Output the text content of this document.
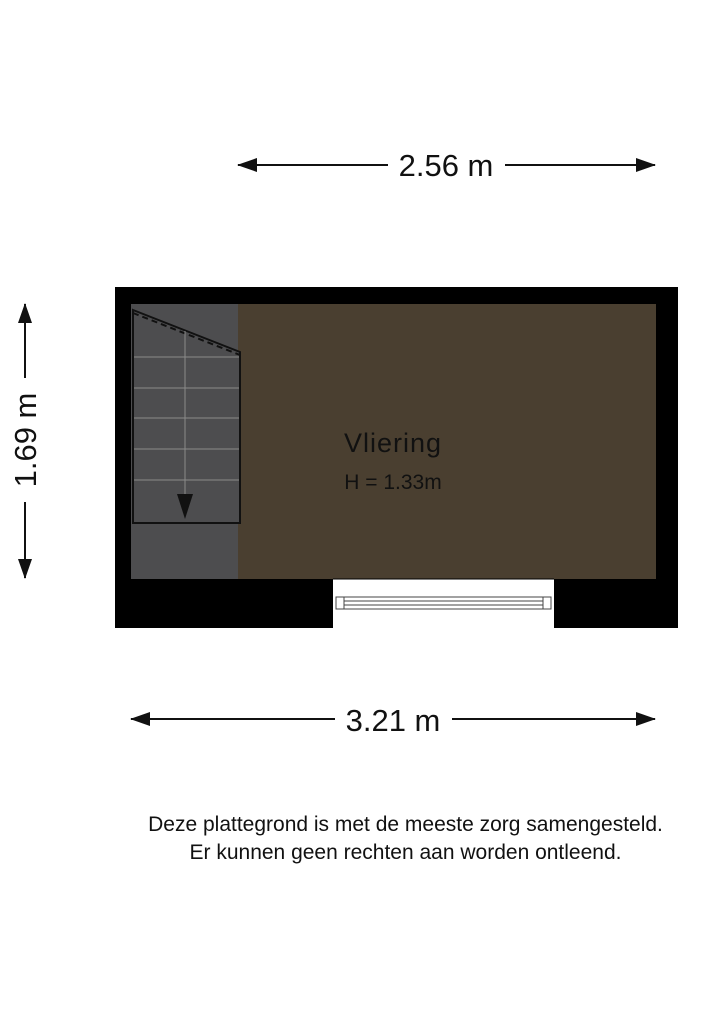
2.56 m
1.69 m	Vliering
H = 1.33m
3.21 m
Deze plattegrond is met de meeste zorg samengesteld.
Er kunnen geen rechten aan worden ontleend.
